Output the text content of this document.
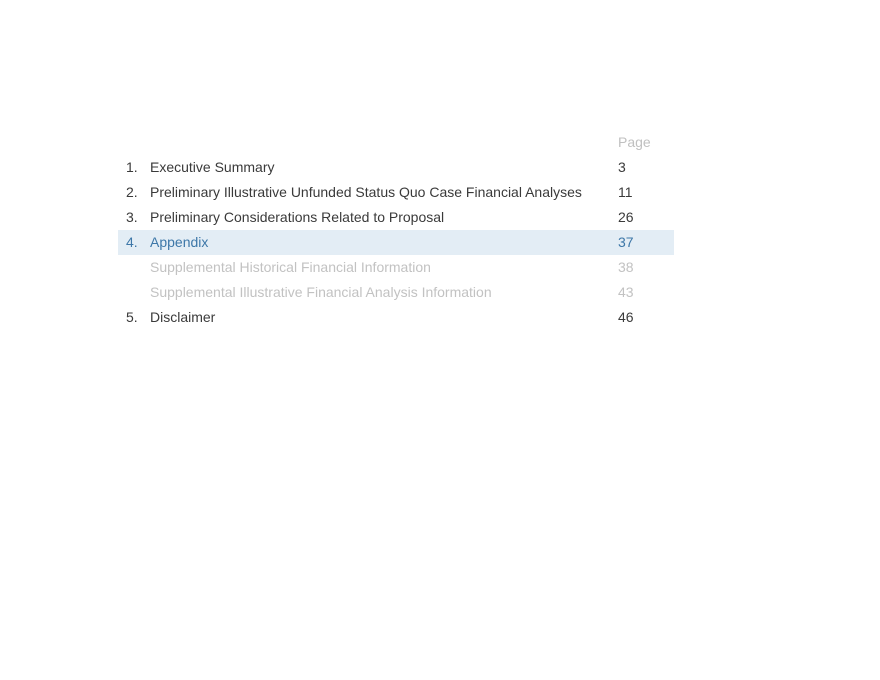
Page
1. Executive Summary	3
2. Preliminary Illustrative Unfunded Status Quo Case Financial Analyses	11
3. Preliminary Considerations Related to Proposal	26
4. Appendix	37
Supplemental Historical Financial Information	38
Supplemental Illustrative Financial Analysis Information	43
5. Disclaimer	46
